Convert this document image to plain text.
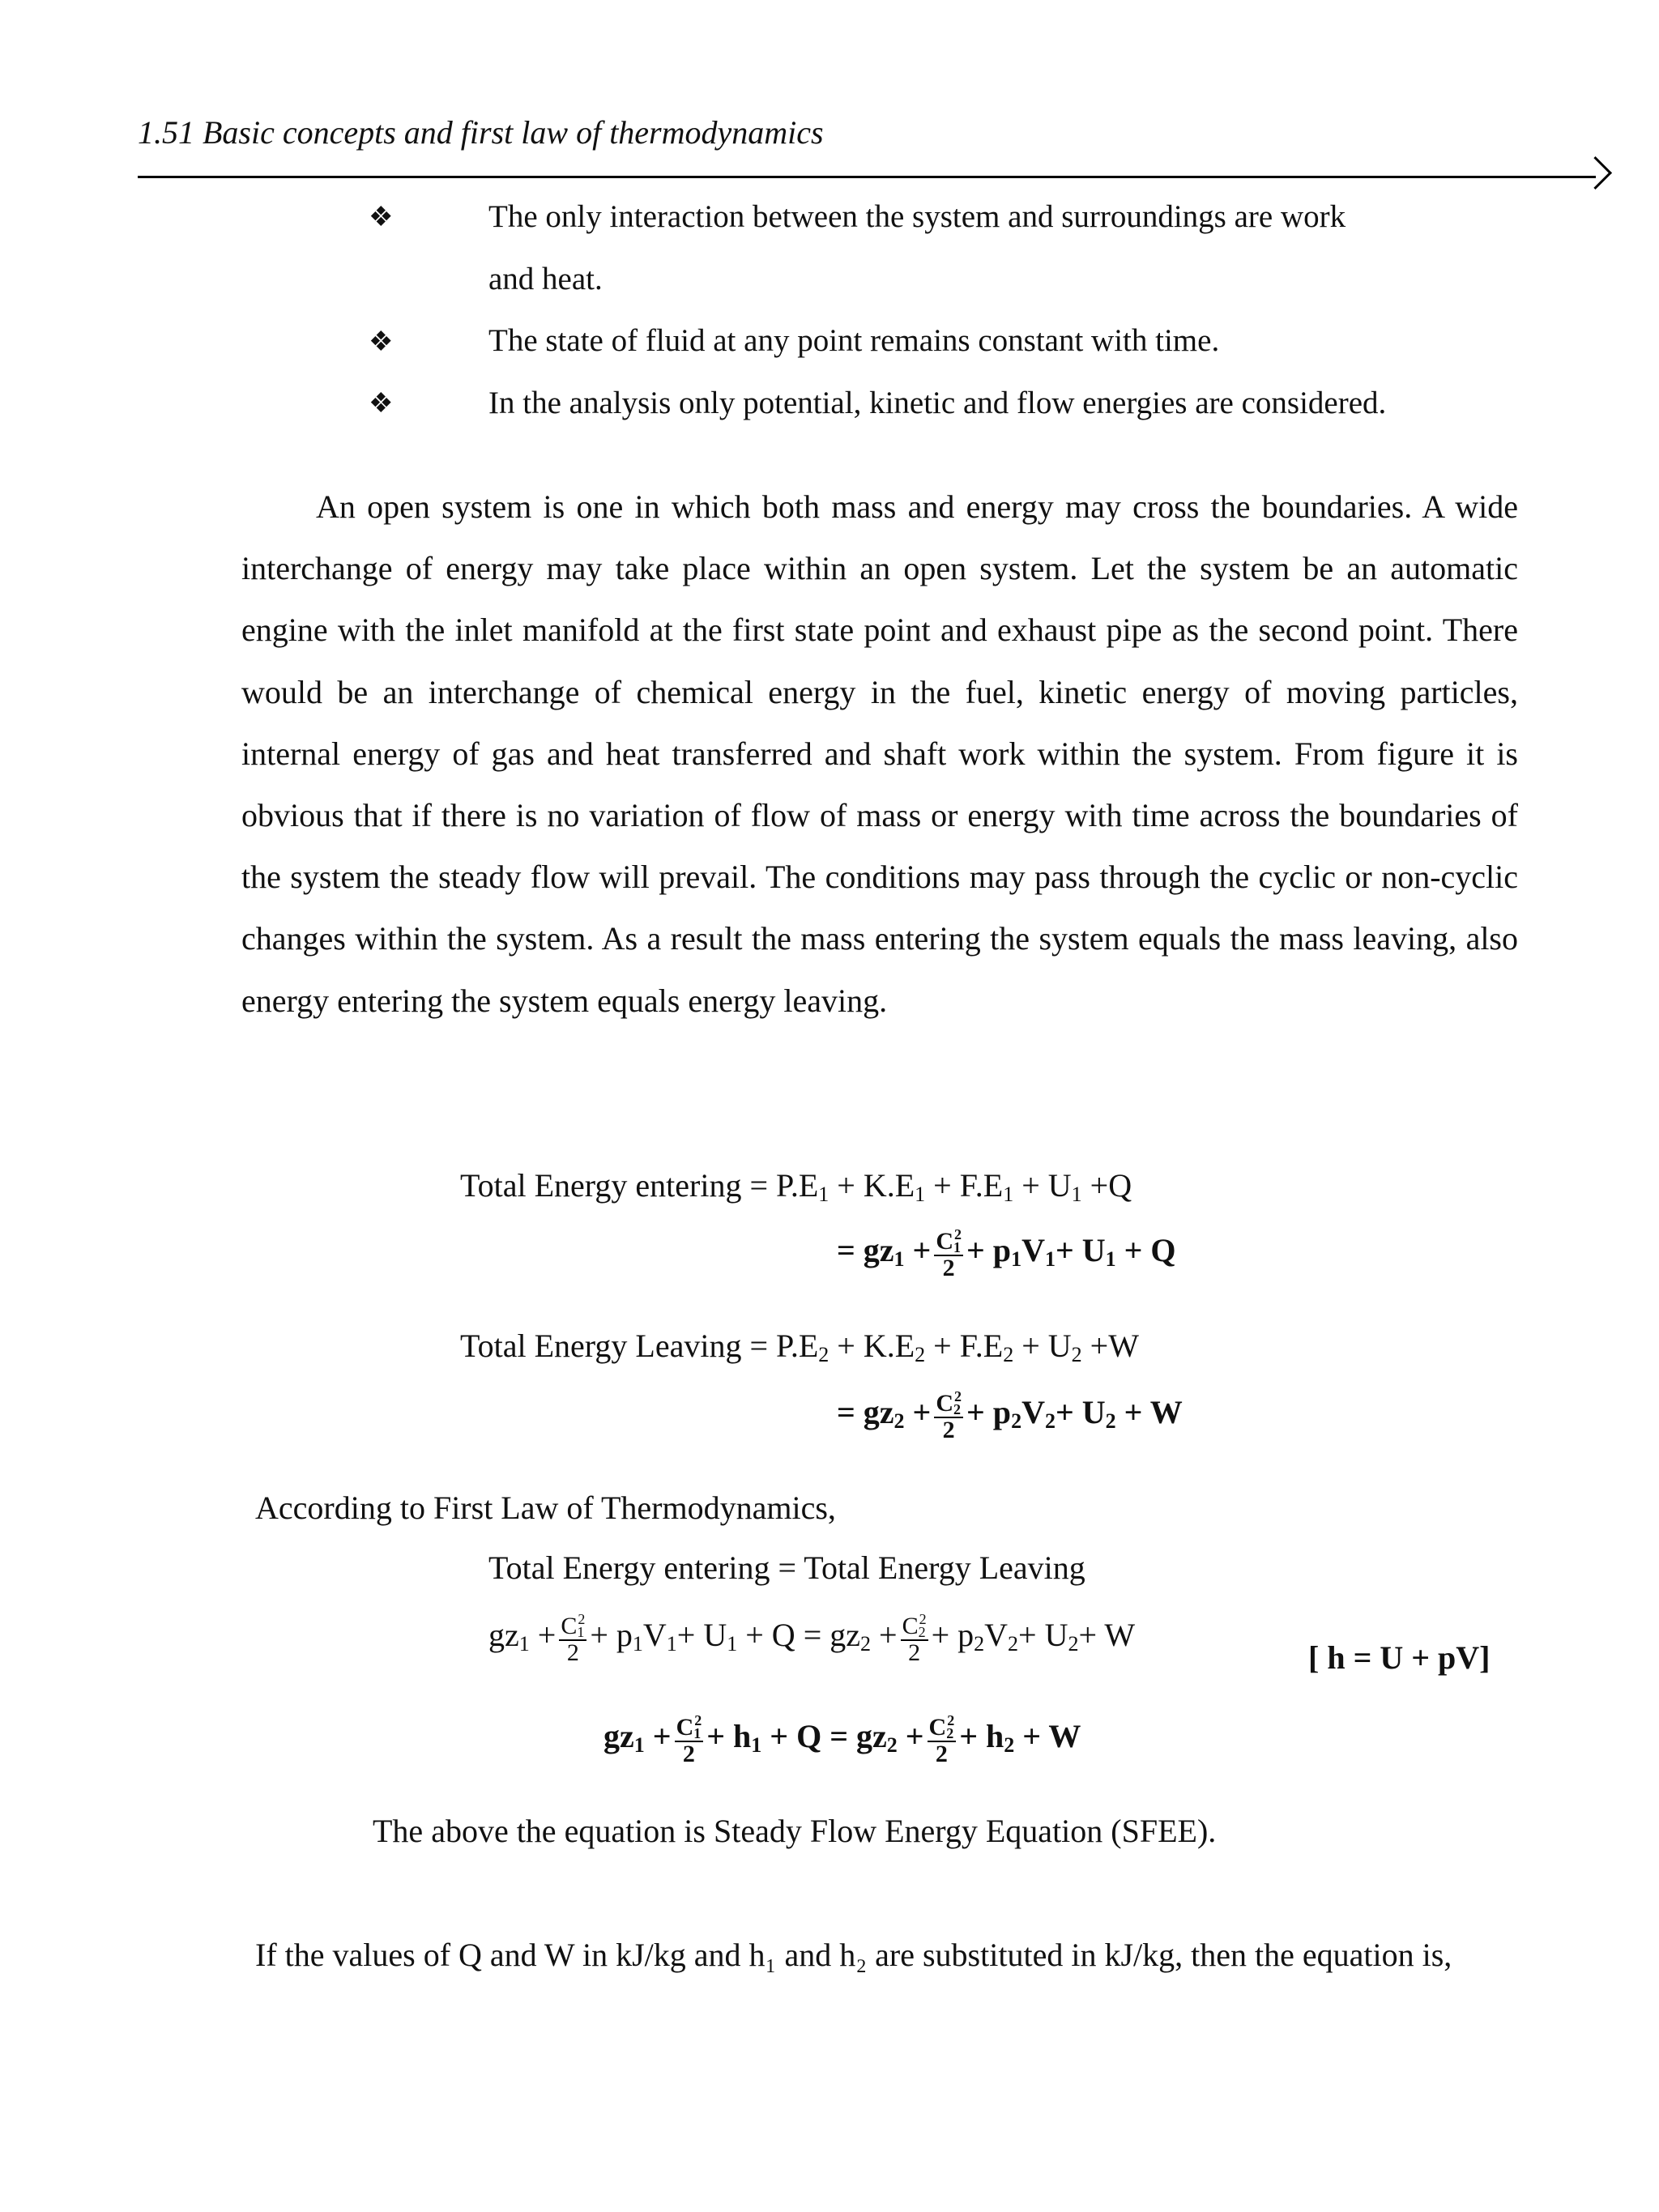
1.51 Basic concepts and first law of thermodynamics
❖	The only interaction between the system and surroundings are work
and heat.
❖	The state of fluid at any point remains constant with time.
❖	In the analysis only potential, kinetic and flow energies are considered.
An open system is one in which both mass and energy may cross the boundaries. A wide interchange of energy may take place within an open system. Let the system be an automatic engine with the inlet manifold at the first state point and exhaust pipe as the second point. There would be an interchange of chemical energy in the fuel, kinetic energy of moving particles, internal energy of gas and heat transferred and shaft work within the system. From figure it is obvious that if there is no variation of flow of mass or energy with time across the boundaries of the system the steady flow will prevail. The conditions may pass through the cyclic or non-cyclic changes within the system. As a result the mass entering the system equals the mass leaving, also energy entering the system equals energy leaving.
Total Energy entering = $P.E_1 + K.E_1 + F.E_1 + U_1 +Q$
= $gz_1 + \frac{C_1^2}{2} + p_1V_1+ U_1 + Q$
Total Energy Leaving = $P.E_2 + K.E_2 + F.E_2 + U_2 +W$
= $gz_2 + \frac{C_2^2}{2} + p_2V_2+ U_2 + W$
According to First Law of Thermodynamics,
Total Energy entering = Total Energy Leaving
$gz_1 + \frac{C_1^2}{2} + p_1V_1+ U_1 + Q = gz_2 + \frac{C_2^2}{2} + p_2V_2+ U_2+ W$
[ h = U + pV]
$gz_1 + \frac{C_1^2}{2} + h_1 + Q = gz_2 + \frac{C_2^2}{2} + h_2 + W$
The above the equation is Steady Flow Energy Equation (SFEE).
If the values of Q and W in kJ/kg and h₁ and h₂ are substituted in kJ/kg, then the equation is,
